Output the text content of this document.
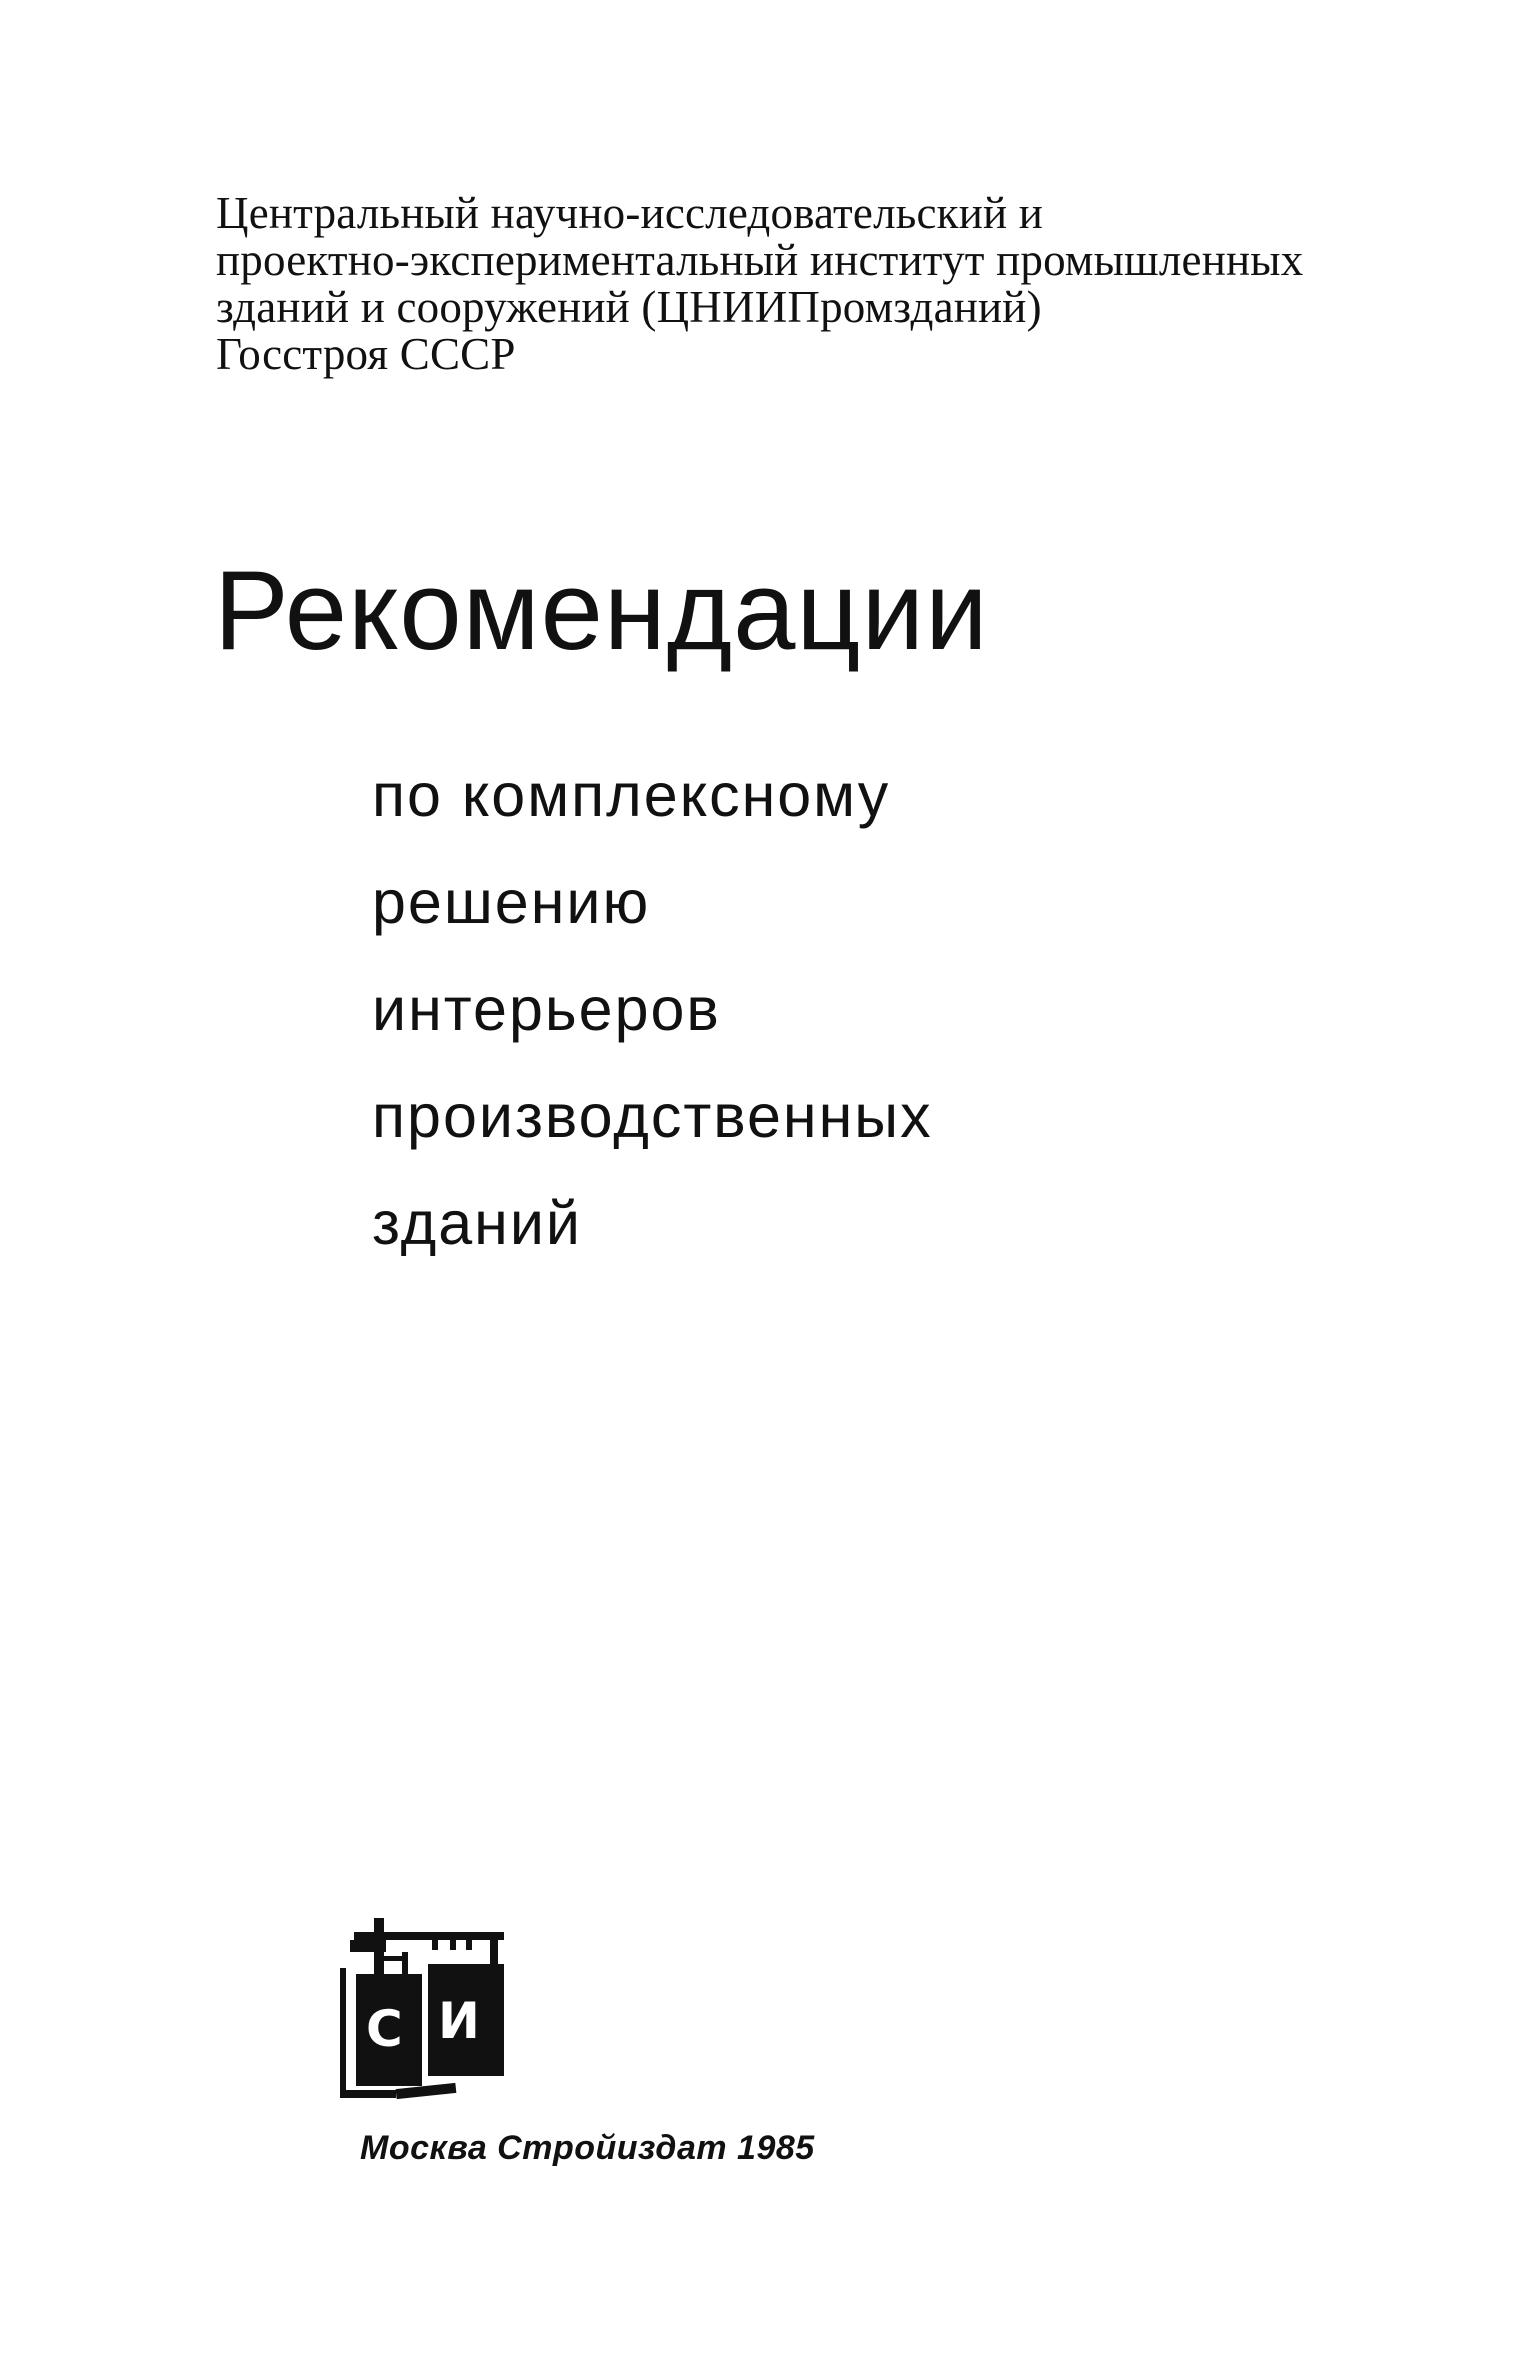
Центральный научно-исследовательский и
проектно-экспериментальный институт промышленных
зданий и сооружений (ЦНИИПромзданий)
Госстроя СССР
Рекомендации
по комплексному
решению
интерьеров
производственных
зданий
С И
Москва Стройиздат 1985
